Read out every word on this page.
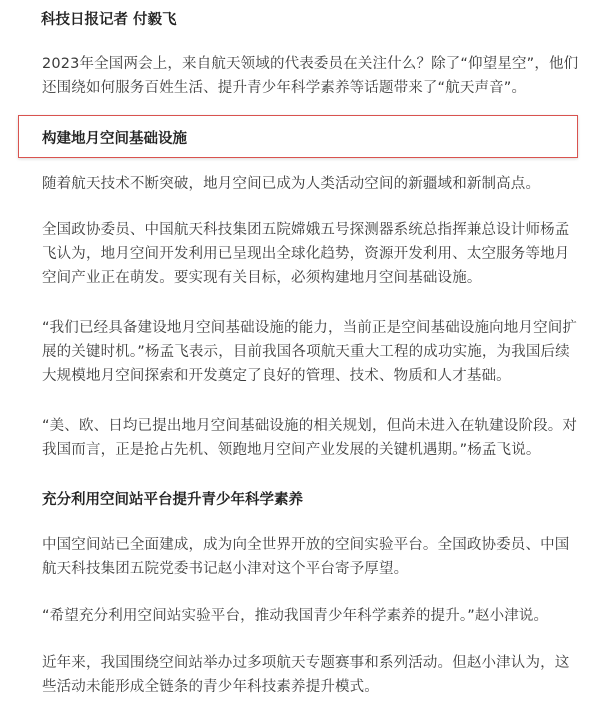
科技日报记者 付毅飞
2023年全国两会上，来自航天领域的代表委员在关注什么？除了“仰望星空”，他们
还围绕如何服务百姓生活、提升青少年科学素养等话题带来了“航天声音”。
构建地月空间基础设施
随着航天技术不断突破，地月空间已成为人类活动空间的新疆域和新制高点。
全国政协委员、中国航天科技集团五院嫦娥五号探测器系统总指挥兼总设计师杨孟
飞认为，地月空间开发利用已呈现出全球化趋势，资源开发利用、太空服务等地月
空间产业正在萌发。要实现有关目标，必须构建地月空间基础设施。
“我们已经具备建设地月空间基础设施的能力，当前正是空间基础设施向地月空间扩
展的关键时机。”杨孟飞表示，目前我国各项航天重大工程的成功实施，为我国后续
大规模地月空间探索和开发奠定了良好的管理、技术、物质和人才基础。
“美、欧、日均已提出地月空间基础设施的相关规划，但尚未进入在轨建设阶段。对
我国而言，正是抢占先机、领跑地月空间产业发展的关键机遇期。”杨孟飞说。
充分利用空间站平台提升青少年科学素养
中国空间站已全面建成，成为向全世界开放的空间实验平台。全国政协委员、中国
航天科技集团五院党委书记赵小津对这个平台寄予厚望。
“希望充分利用空间站实验平台，推动我国青少年科学素养的提升。”赵小津说。
近年来，我国围绕空间站举办过多项航天专题赛事和系列活动。但赵小津认为，这
些活动未能形成全链条的青少年科技素养提升模式。
